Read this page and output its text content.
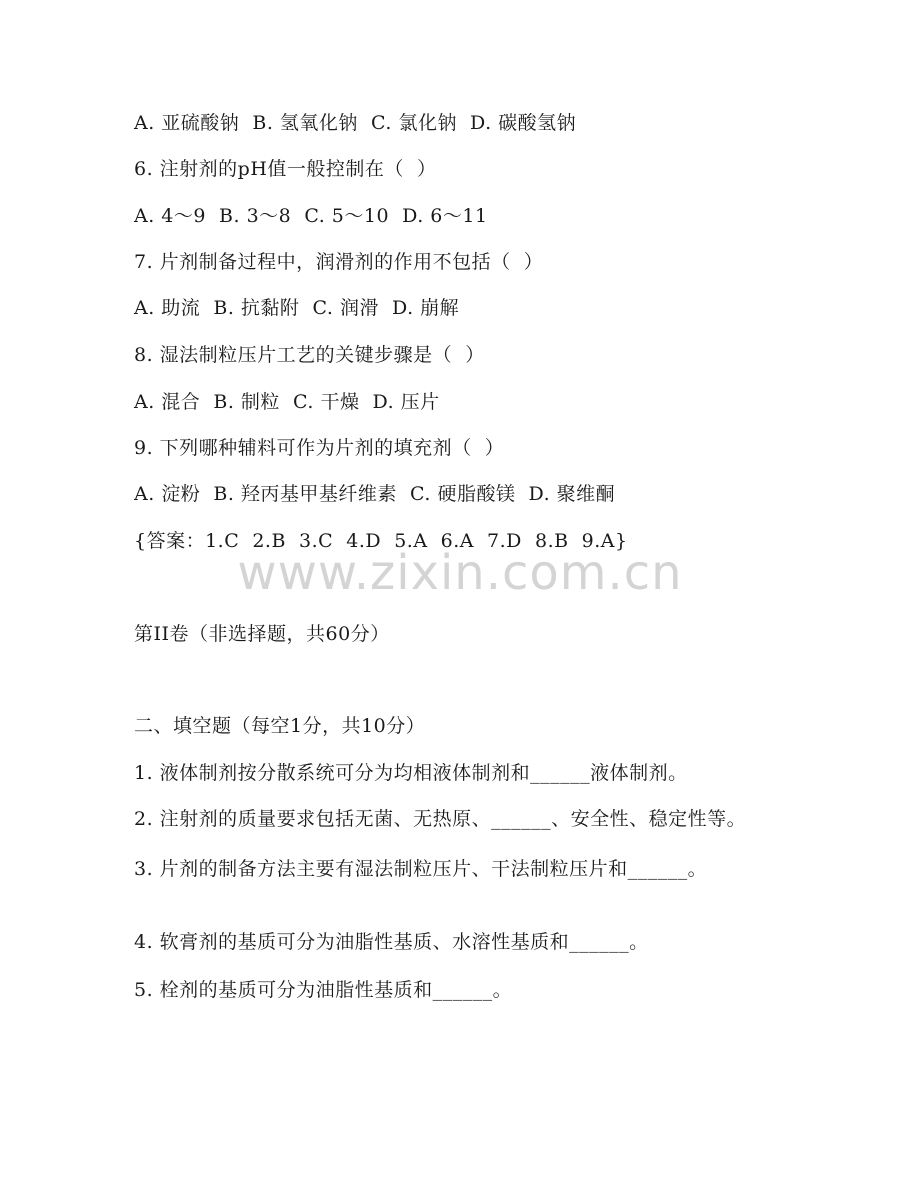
A. 亚硫酸钠  B. 氢氧化钠  C. 氯化钠  D. 碳酸氢钠
6. 注射剂的pH值一般控制在（  ）
A. 4～9  B. 3～8  C. 5～10  D. 6～11
7. 片剂制备过程中，润滑剂的作用不包括（  ）
A. 助流  B. 抗黏附  C. 润滑  D. 崩解
8. 湿法制粒压片工艺的关键步骤是（  ）
A. 混合  B. 制粒  C. 干燥  D. 压片
9. 下列哪种辅料可作为片剂的填充剂（  ）
A. 淀粉  B. 羟丙基甲基纤维素  C. 硬脂酸镁  D. 聚维酮
{答案：1.C  2.B  3.C  4.D  5.A  6.A  7.D  8.B  9.A}
www.zixin.com.cn
第II卷（非选择题，共60分）
二、填空题（每空1分，共10分）
1. 液体制剂按分散系统可分为均相液体制剂和______液体制剂。
2. 注射剂的质量要求包括无菌、无热原、______、安全性、稳定性等。
3. 片剂的制备方法主要有湿法制粒压片、干法制粒压片和______。
4. 软膏剂的基质可分为油脂性基质、水溶性基质和______。
5. 栓剂的基质可分为油脂性基质和______。
